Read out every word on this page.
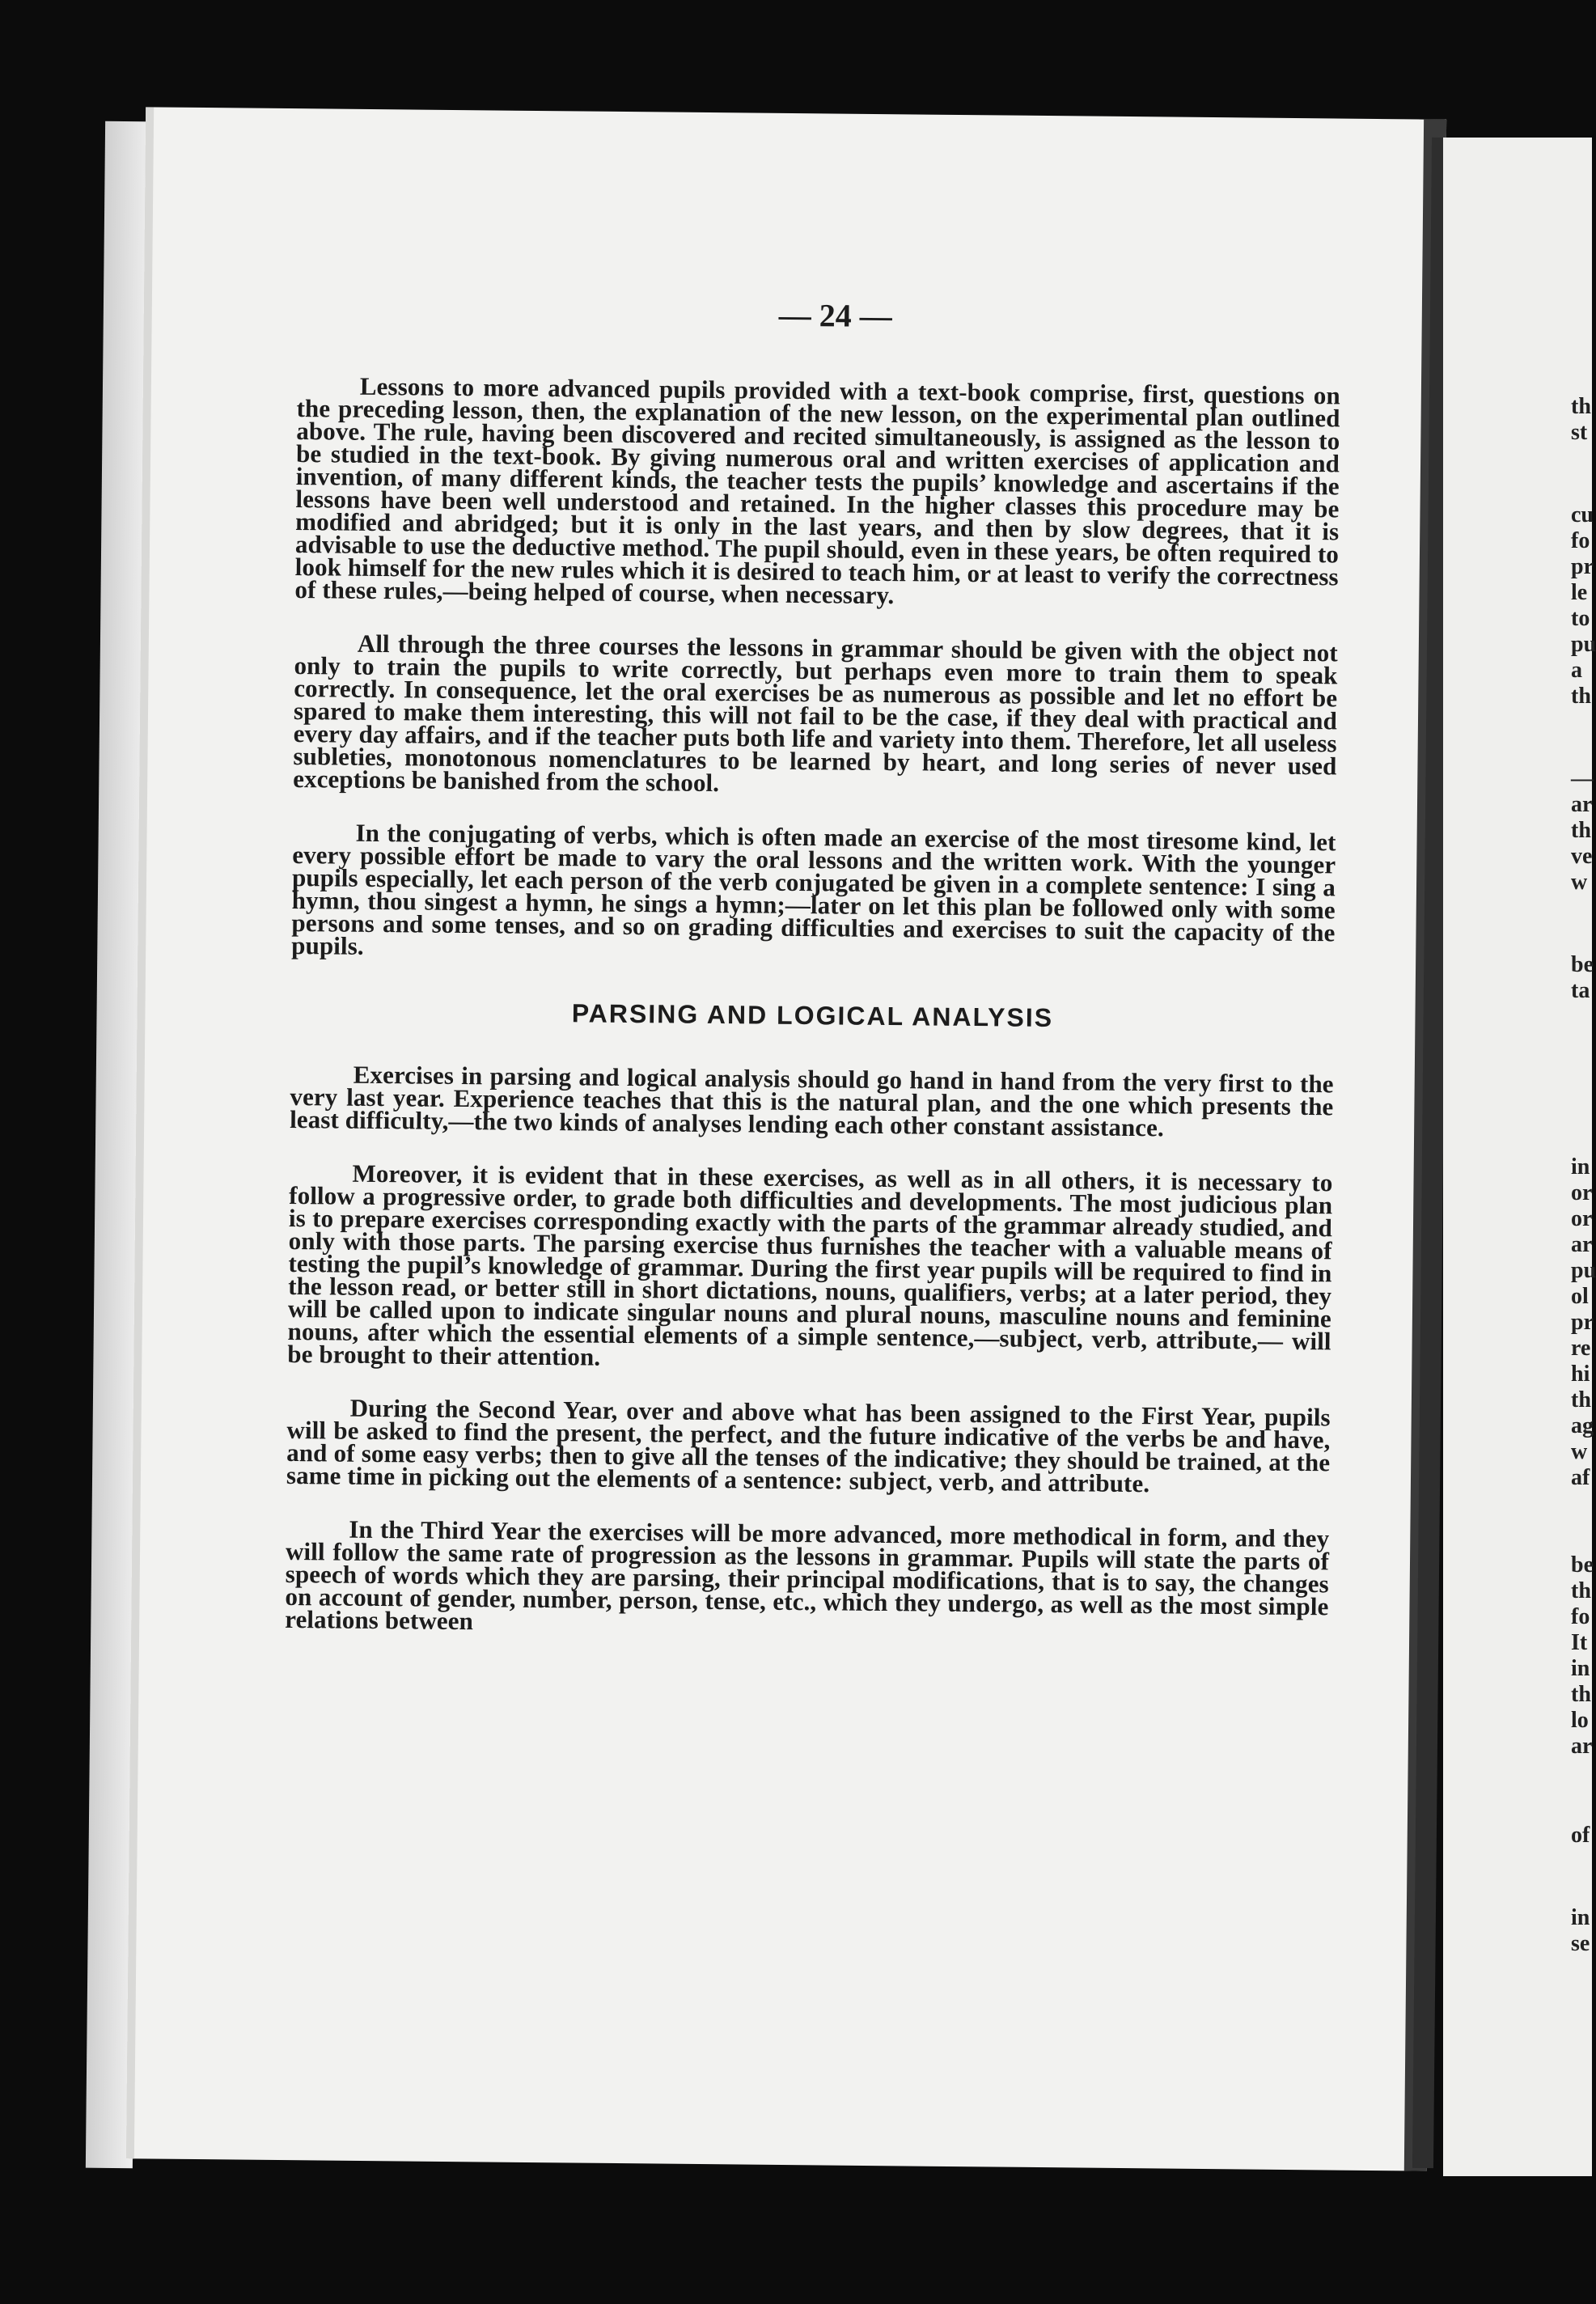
th
st
cu
fo
pr
le
to
pu
a
th
—
ar
th
ve
w
be
ta
in
or
or
ar
pu
ol
pr
re
hi
th
ag
w
af
be
th
fo
It
in
th
lo
ar
of
in
se
— 24 —

Lessons to more advanced pupils provided with a text-book comprise, first, questions on the preceding lesson, then, the explanation of the new lesson, on the experimental plan outlined above. The rule, having been discovered and recited simultaneously, is assigned as the lesson to be studied in the text-book. By giving numerous oral and written exercises of application and invention, of many different kinds, the teacher tests the pupils’ knowledge and ascertains if the lessons have been well understood and retained. In the higher classes this procedure may be modified and abridged; but it is only in the last years, and then by slow degrees, that it is advisable to use the deductive method. The pupil should, even in these years, be often required to look himself for the new rules which it is desired to teach him, or at least to verify the correctness of these rules,—being helped of course, when necessary.

All through the three courses the lessons in grammar should be given with the object not only to train the pupils to write correctly, but perhaps even more to train them to speak correctly. In consequence, let the oral exercises be as numerous as possible and let no effort be spared to make them interesting, this will not fail to be the case, if they deal with practical and every day affairs, and if the teacher puts both life and variety into them. Therefore, let all useless subleties, monotonous nomenclatures to be learned by heart, and long series of never used exceptions be banished from the school.

In the conjugating of verbs, which is often made an exercise of the most tiresome kind, let every possible effort be made to vary the oral lessons and the written work. With the younger pupils especially, let each person of the verb conjugated be given in a complete sentence: I sing a hymn, thou singest a hymn, he sings a hymn;—later on let this plan be followed only with some persons and some tenses, and so on grading difficulties and exercises to suit the capacity of the pupils.

PARSING AND LOGICAL ANALYSIS

Exercises in parsing and logical analysis should go hand in hand from the very first to the very last year. Experience teaches that this is the natural plan, and the one which presents the least difficulty,—the two kinds of analyses lending each other constant assistance.

Moreover, it is evident that in these exercises, as well as in all others, it is necessary to follow a progressive order, to grade both difficulties and developments. The most judicious plan is to prepare exercises corresponding exactly with the parts of the grammar already studied, and only with those parts. The parsing exercise thus furnishes the teacher with a valuable means of testing the pupil’s knowledge of grammar. During the first year pupils will be required to find in the lesson read, or better still in short dictations, nouns, qualifiers, verbs; at a later period, they will be called upon to indicate singular nouns and plural nouns, masculine nouns and feminine nouns, after which the essential elements of a simple sentence,—subject, verb, attribute,— will be brought to their attention.

During the Second Year, over and above what has been assigned to the First Year, pupils will be asked to find the present, the perfect, and the future indicative of the verbs be and have, and of some easy verbs; then to give all the tenses of the indicative; they should be trained, at the same time in picking out the elements of a sentence: subject, verb, and attribute.

In the Third Year the exercises will be more advanced, more methodical in form, and they will follow the same rate of progression as the lessons in grammar. Pupils will state the parts of speech of words which they are parsing, their principal modifications, that is to say, the changes on account of gender, number, person, tense, etc., which they undergo, as well as the most simple relations between
